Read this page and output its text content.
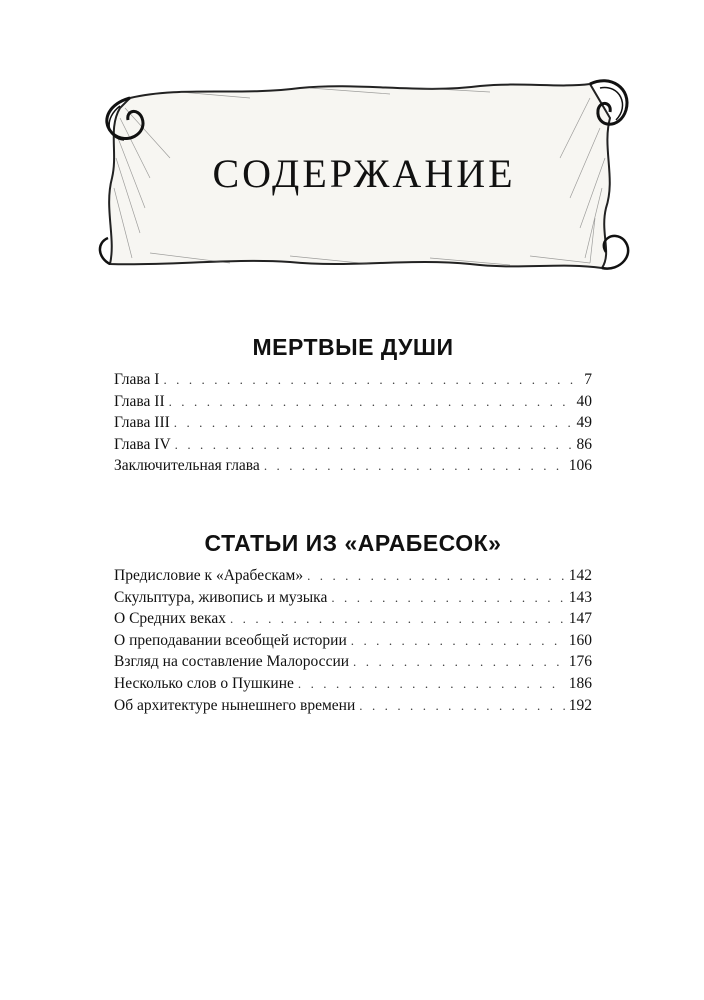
СОДЕРЖАНИЕ
МЕРТВЫЕ ДУШИ
Глава I . . .	7
Глава II . . .	40
Глава III . . .	49
Глава IV . . .	86
Заключительная глава . . .	106
СТАТЬИ ИЗ «АРАБЕСОК»
Предисловие к «Арабескам» . . .	142
Скульптура, живопись и музыка . . .	143
О Средних веках . . .	147
О преподавании всеобщей истории . . .	160
Взгляд на составление Малороссии . . .	176
Несколько слов о Пушкине . . .	186
Об архитектуре нынешнего времени . . .	192
